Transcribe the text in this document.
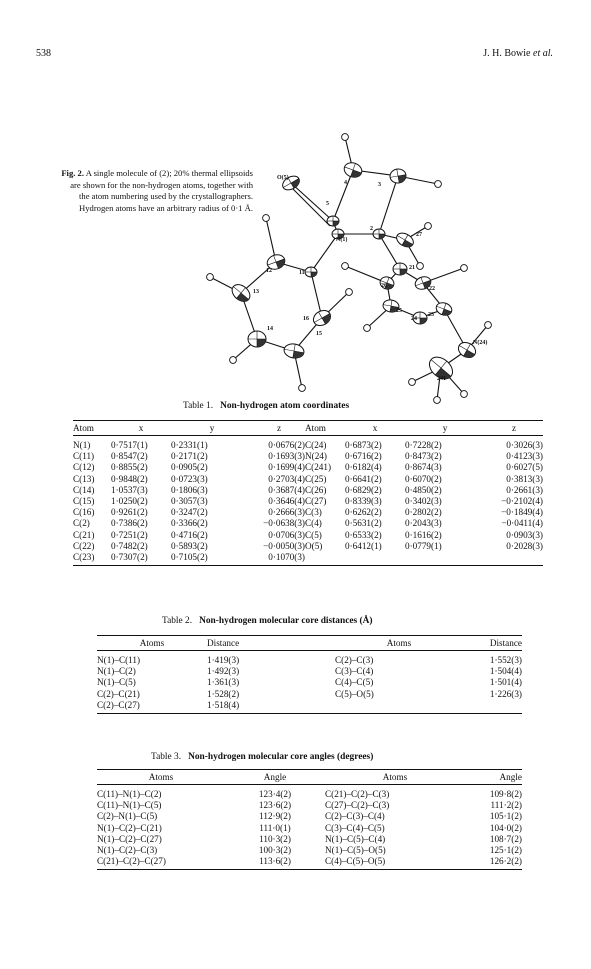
538	J. H. Bowie et al.
Fig. 2. A single molecule of (2); 20% thermal ellipsoids are shown for the non-hydrogen atoms, together with the atom numbering used by the crystallographers. Hydrogen atoms have an arbitrary radius of 0·1 Å.
O(5)
4	3
5
N(1)
2
27
21
26	22
12	11
13
16
15
14
25
24
23
N(24)
241
Table 1. Non-hydrogen atom coordinates
Atom	x	y	z	Atom	x	y	z
N(1)	0·7517(1)	0·2331(1)	0·0676(2)	C(24)	0·6873(2)	0·7228(2)	0·3026(3)
C(11)	0·8547(2)	0·2171(2)	0·1693(3)	N(24)	0·6716(2)	0·8473(2)	0·4123(3)
C(12)	0·8855(2)	0·0905(2)	0·1699(4)	C(241)	0·6182(4)	0·8674(3)	0·6027(5)
C(13)	0·9848(2)	0·0723(3)	0·2703(4)	C(25)	0·6641(2)	0·6070(2)	0·3813(3)
C(14)	1·0537(3)	0·1806(3)	0·3687(4)	C(26)	0·6829(2)	0·4850(2)	0·2661(3)
C(15)	1·0250(2)	0·3057(3)	0·3646(4)	C(27)	0·8339(3)	0·3402(3)	−0·2102(4)
C(16)	0·9261(2)	0·3247(2)	0·2666(3)	C(3)	0·6262(2)	0·2802(2)	−0·1849(4)
C(2)	0·7386(2)	0·3366(2)	−0·0638(3)	C(4)	0·5631(2)	0·2043(3)	−0·0411(4)
C(21)	0·7251(2)	0·4716(2)	0·0706(3)	C(5)	0·6533(2)	0·1616(2)	0·0903(3)
C(22)	0·7482(2)	0·5893(2)	−0·0050(3)	O(5)	0·6412(1)	0·0779(1)	0·2028(3)
C(23)	0·7307(2)	0·7105(2)	0·1070(3)				
Table 2. Non-hydrogen molecular core distances (Å)
Atoms	Distance	Atoms	Distance
N(1)–C(11)	1·419(3)	C(2)–C(3)	1·552(3)
N(1)–C(2)	1·492(3)	C(3)–C(4)	1·504(4)
N(1)–C(5)	1·361(3)	C(4)–C(5)	1·501(4)
C(2)–C(21)	1·528(2)	C(5)–O(5)	1·226(3)
C(2)–C(27)	1·518(4)		
Table 3. Non-hydrogen molecular core angles (degrees)
Atoms	Angle	Atoms	Angle
C(11)–N(1)–C(2)	123·4(2)	C(21)–C(2)–C(3)	109·8(2)
C(11)–N(1)–C(5)	123·6(2)	C(27)–C(2)–C(3)	111·2(2)
C(2)–N(1)–C(5)	112·9(2)	C(2)–C(3)–C(4)	105·1(2)
N(1)–C(2)–C(21)	111·0(1)	C(3)–C(4)–C(5)	104·0(2)
N(1)–C(2)–C(27)	110·3(2)	N(1)–C(5)–C(4)	108·7(2)
N(1)–C(2)–C(3)	100·3(2)	N(1)–C(5)–O(5)	125·1(2)
C(21)–C(2)–C(27)	113·6(2)	C(4)–C(5)–O(5)	126·2(2)
